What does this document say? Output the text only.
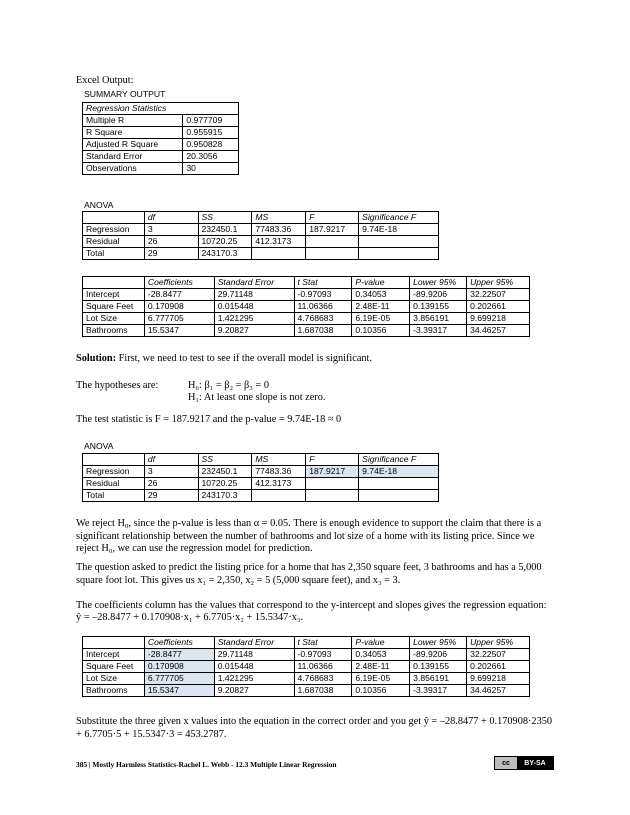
Excel Output:
SUMMARY OUTPUT
Regression Statistics	
Multiple R	0.977709
R Square	0.955915
Adjusted R Square	0.950828
Standard Error	20.3056
Observations	30
ANOVA
	df	SS	MS	F	Significance F
Regression	3	232450.1	77483.36	187.9217	9.74E-18
Residual	26	10720.25	412.3173		
Total	29	243170.3			
	Coefficients	Standard Error	t Stat	P-value	Lower 95%	Upper 95%
Intercept	-28.8477	29.71148	-0.97093	0.34053	-89.9206	32.22507
Square Feet	0.170908	0.015448	11.06366	2.48E-11	0.139155	0.202661
Lot Size	6.777705	1.421295	4.768683	6.19E-05	3.856191	9.699218
Bathrooms	15.5347	9.20827	1.687038	0.10356	-3.39317	34.46257
Solution: First, we need to test to see if the overall model is significant.
The hypotheses are:	H₀: β₁ = β₂ = β₃ = 0
H₁: At least one slope is not zero.
The test statistic is F = 187.9217 and the p-value = 9.74E-18 ≈ 0
ANOVA
	df	SS	MS	F	Significance F
Regression	3	232450.1	77483.36	187.9217	9.74E-18
Residual	26	10720.25	412.3173		
Total	29	243170.3			
We reject H₀, since the p-value is less than α = 0.05. There is enough evidence to support the claim that there is a significant relationship between the number of bathrooms and lot size of a home with its listing price. Since we reject H₀, we can use the regression model for prediction.
The question asked to predict the listing price for a home that has 2,350 square feet, 3 bathrooms and has a 5,000 square foot lot. This gives us x₁ = 2,350, x₂ = 5 (5,000 square feet), and x₃ = 3.
The coefficients column has the values that correspond to the y-intercept and slopes gives the regression equation:
ŷ = –28.8477 + 0.170908·x₁ + 6.7705·x₂ + 15.5347·x₃.
	Coefficients	Standard Error	t Stat	P-value	Lower 95%	Upper 95%
Intercept	-28.8477	29.71148	-0.97093	0.34053	-89.9206	32.22507
Square Feet	0.170908	0.015448	11.06366	2.48E-11	0.139155	0.202661
Lot Size	6.777705	1.421295	4.768683	6.19E-05	3.856191	9.699218
Bathrooms	15.5347	9.20827	1.687038	0.10356	-3.39317	34.46257
Substitute the three given x values into the equation in the correct order and you get ŷ = –28.8477 + 0.170908·2350 + 6.7705·5 + 15.5347·3 = 453.2787.
385 | Mostly Harmless Statistics-Rachel L. Webb - 12.3 Multiple Linear Regression	cc	BY-SA
